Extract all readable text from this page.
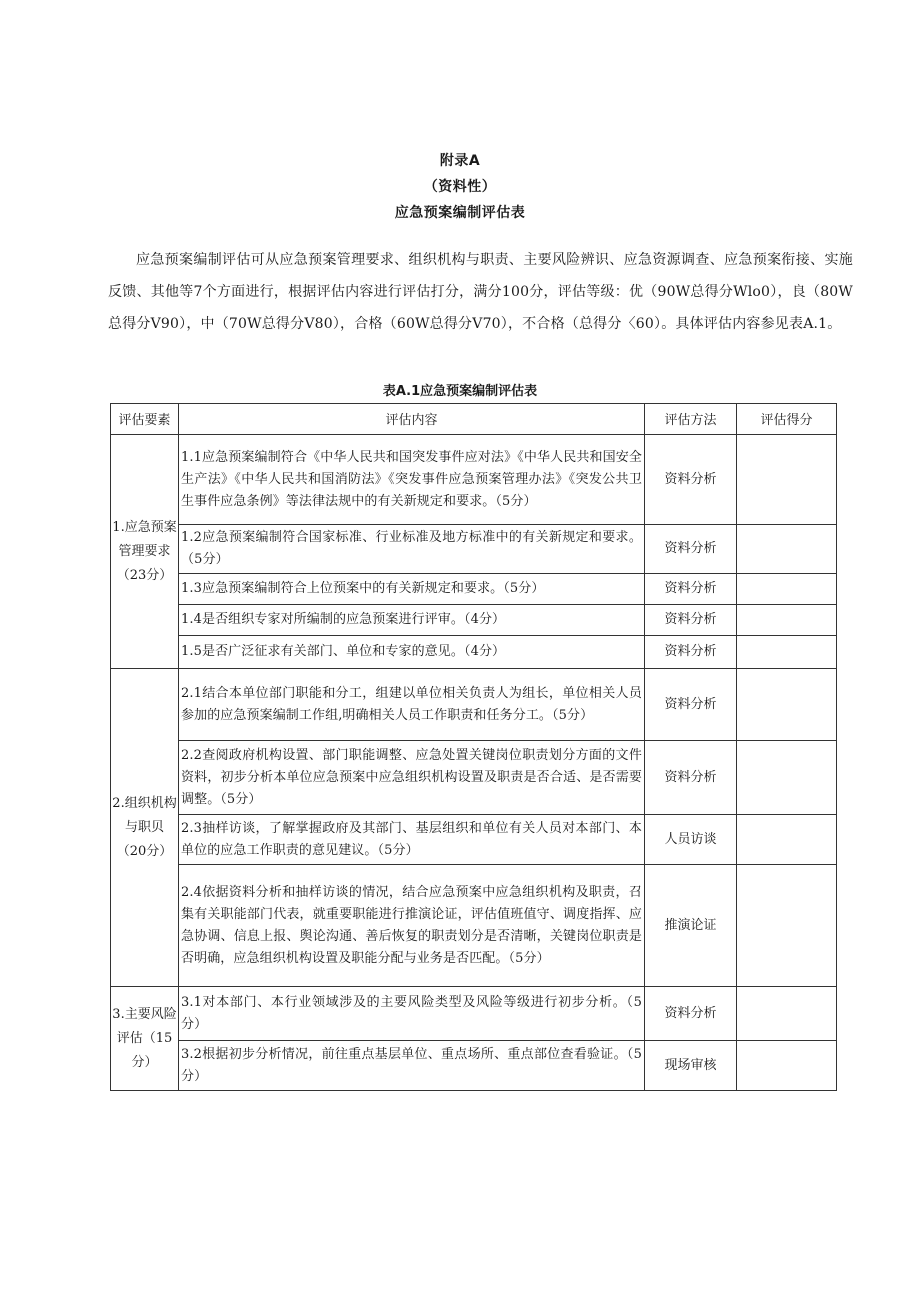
附录A
（资料性）
应急预案编制评估表

应急预案编制评估可从应急预案管理要求、组织机构与职责、主要风险辨识、应急资源调查、应急预案衔接、实施反馈、其他等7个方面进行，根据评估内容进行评估打分，满分100分，评估等级：优（90W总得分Wlo0），良（80W总得分V90），中（70W总得分V80），合格（60W总得分V70），不合格（总得分〈60）。具体评估内容参见表A.1。

表A.1应急预案编制评估表
评估要素	评估内容	评估方法	评估得分
1.应急预案管理要求（23分）	1.1应急预案编制符合《中华人民共和国突发事件应对法》《中华人民共和国安全生产法》《中华人民共和国消防法》《突发事件应急预案管理办法》《突发公共卫生事件应急条例》等法律法规中的有关新规定和要求。（5分）	资料分析	
	1.2应急预案编制符合国家标准、行业标准及地方标准中的有关新规定和要求。（5分）	资料分析	
	1.3应急预案编制符合上位预案中的有关新规定和要求。（5分）	资料分析	
	1.4是否组织专家对所编制的应急预案进行评审。（4分）	资料分析	
	1.5是否广泛征求有关部门、单位和专家的意见。（4分）	资料分析	
2.组织机构与职贝（20分）	2.1结合本单位部门职能和分工，组建以单位相关负责人为组长，单位相关人员参加的应急预案编制工作组,明确相关人员工作职责和任务分工。（5分）	资料分析	
	2.2查阅政府机构设置、部门职能调整、应急处置关键岗位职责划分方面的文件资料，初步分析本单位应急预案中应急组织机构设置及职责是否合适、是否需要调整。（5分）	资料分析	
	2.3抽样访谈，了解掌握政府及其部门、基层组织和单位有关人员对本部门、本单位的应急工作职责的意见建议。（5分）	人员访谈	
	2.4依据资料分析和抽样访谈的情况，结合应急预案中应急组织机构及职责，召集有关职能部门代表，就重要职能进行推演论证，评估值班值守、调度指挥、应急协调、信息上报、舆论沟通、善后恢复的职责划分是否清晰，关键岗位职责是否明确，应急组织机构设置及职能分配与业务是否匹配。（5分）	推演论证	
3.主要风险评估（15分）	3.1对本部门、本行业领域涉及的主要风险类型及风险等级进行初步分析。（5分）	资料分析	
	3.2根据初步分析情况，前往重点基层单位、重点场所、重点部位查看验证。（5分）	现场审核	
